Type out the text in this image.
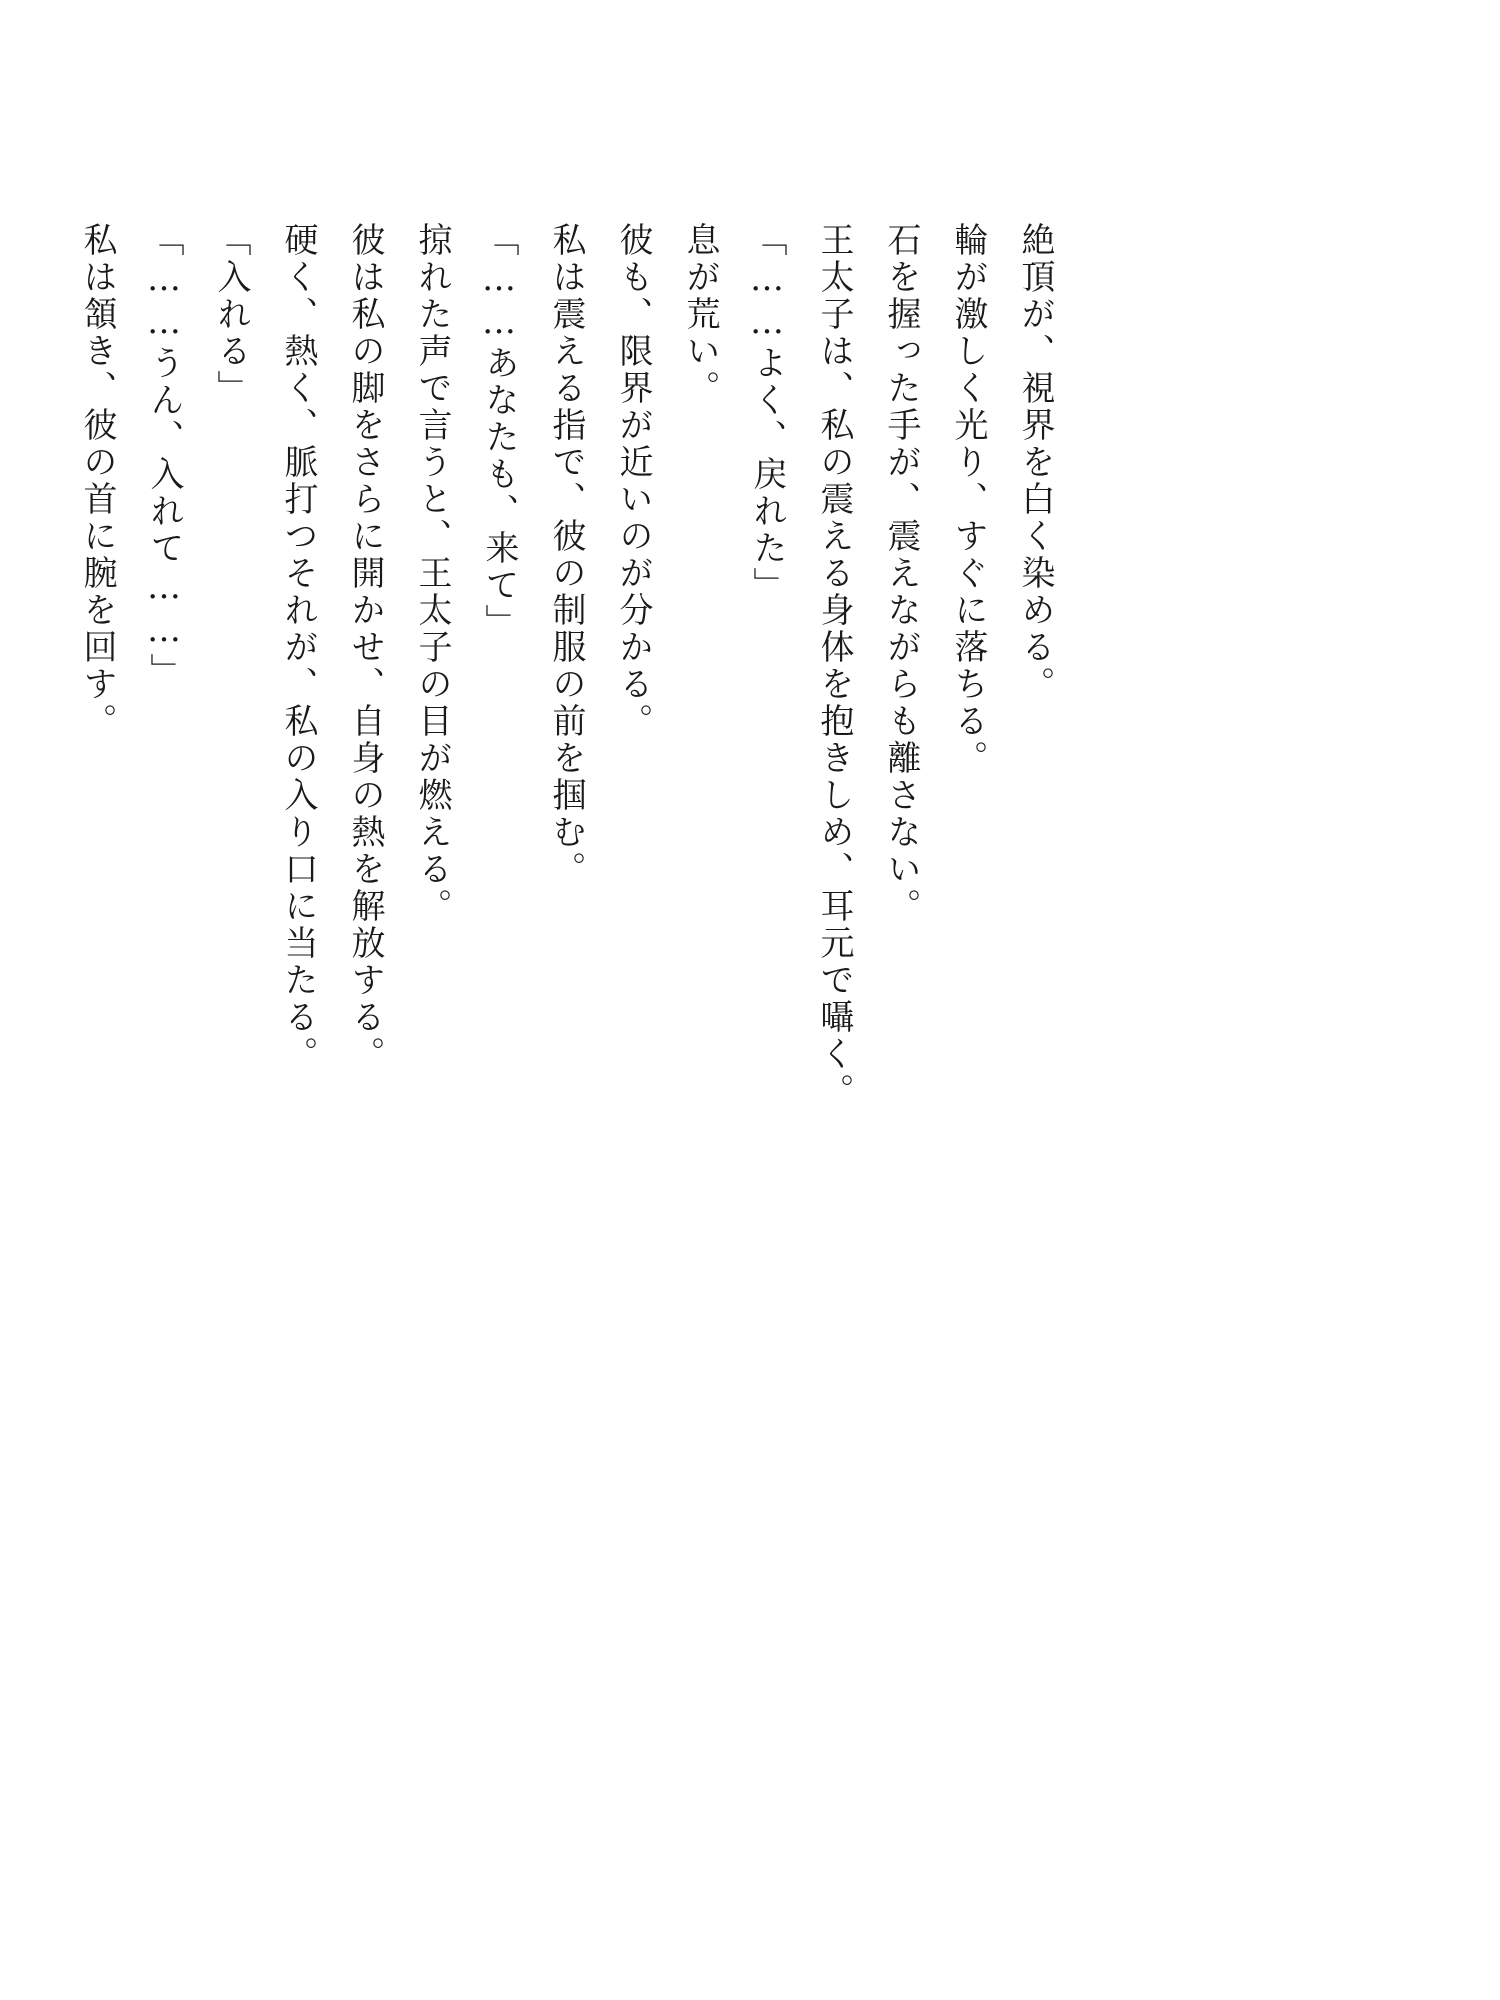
絶頂が、視界を白く染める。

輪が激しく光り、すぐに落ちる。

石を握った手が、震えながらも離さない。

王太子は、私の震える身体を抱きしめ、耳元で囁く。

「……よく、戻れた」

息が荒い。

彼も、限界が近いのが分かる。

私は震える指で、彼の制服の前を掴む。

「……あなたも、来て」

掠れた声で言うと、王太子の目が燃える。

彼は私の脚をさらに開かせ、自身の熱を解放する。

硬く、熱く、脈打つそれが、私の入り口に当たる。

「入れる」

「……うん、入れて……」

私は頷き、彼の首に腕を回す。
